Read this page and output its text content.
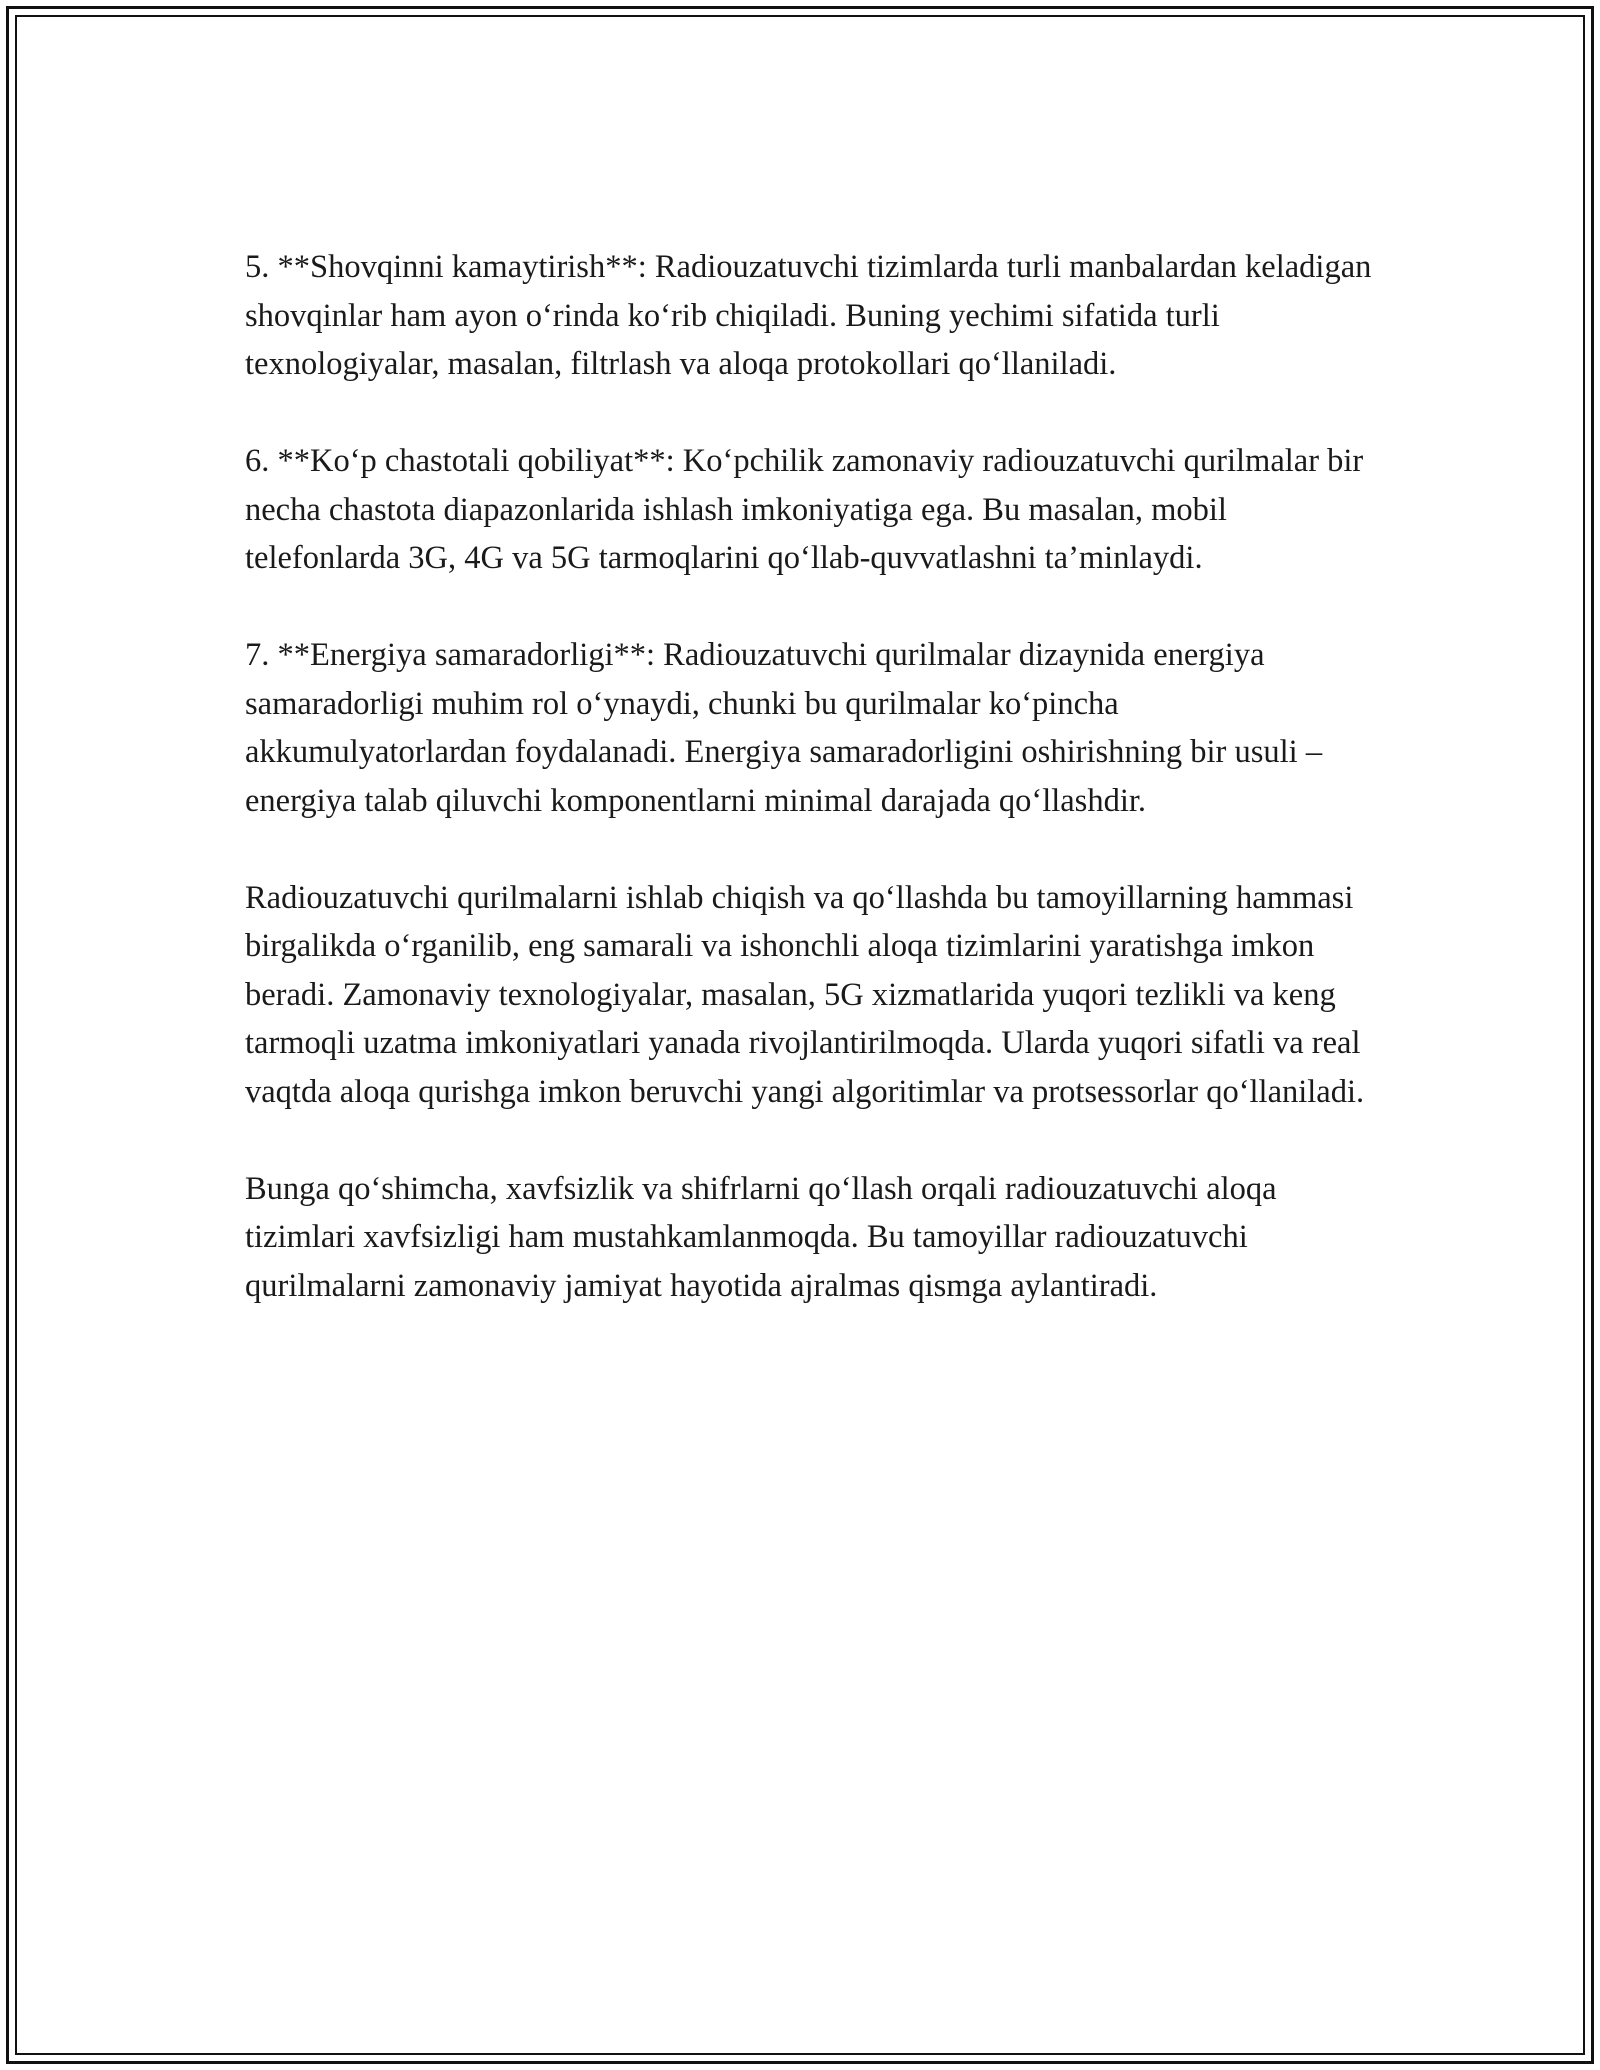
5. **Shovqinni kamaytirish**: Radiouzatuvchi tizimlarda turli manbalardan keladigan shovqinlar ham ayon o‘rinda ko‘rib chiqiladi. Buning yechimi sifatida turli texnologiyalar, masalan, filtrlash va aloqa protokollari qo‘llaniladi.

6. **Ko‘p chastotali qobiliyat**: Ko‘pchilik zamonaviy radiouzatuvchi qurilmalar bir necha chastota diapazonlarida ishlash imkoniyatiga ega. Bu masalan, mobil telefonlarda 3G, 4G va 5G tarmoqlarini qo‘llab-quvvatlashni ta’minlaydi.

7. **Energiya samaradorligi**: Radiouzatuvchi qurilmalar dizaynida energiya samaradorligi muhim rol o‘ynaydi, chunki bu qurilmalar ko‘pincha akkumulyatorlardan foydalanadi. Energiya samaradorligini oshirishning bir usuli – energiya talab qiluvchi komponentlarni minimal darajada qo‘llashdir.

Radiouzatuvchi qurilmalarni ishlab chiqish va qo‘llashda bu tamoyillarning hammasi birgalikda o‘rganilib, eng samarali va ishonchli aloqa tizimlarini yaratishga imkon beradi. Zamonaviy texnologiyalar, masalan, 5G xizmatlarida yuqori tezlikli va keng tarmoqli uzatma imkoniyatlari yanada rivojlantirilmoqda. Ularda yuqori sifatli va real vaqtda aloqa qurishga imkon beruvchi yangi algoritimlar va protsessorlar qo‘llaniladi.

Bunga qo‘shimcha, xavfsizlik va shifrlarni qo‘llash orqali radiouzatuvchi aloqa tizimlari xavfsizligi ham mustahkamlanmoqda. Bu tamoyillar radiouzatuvchi qurilmalarni zamonaviy jamiyat hayotida ajralmas qismga aylantiradi.
